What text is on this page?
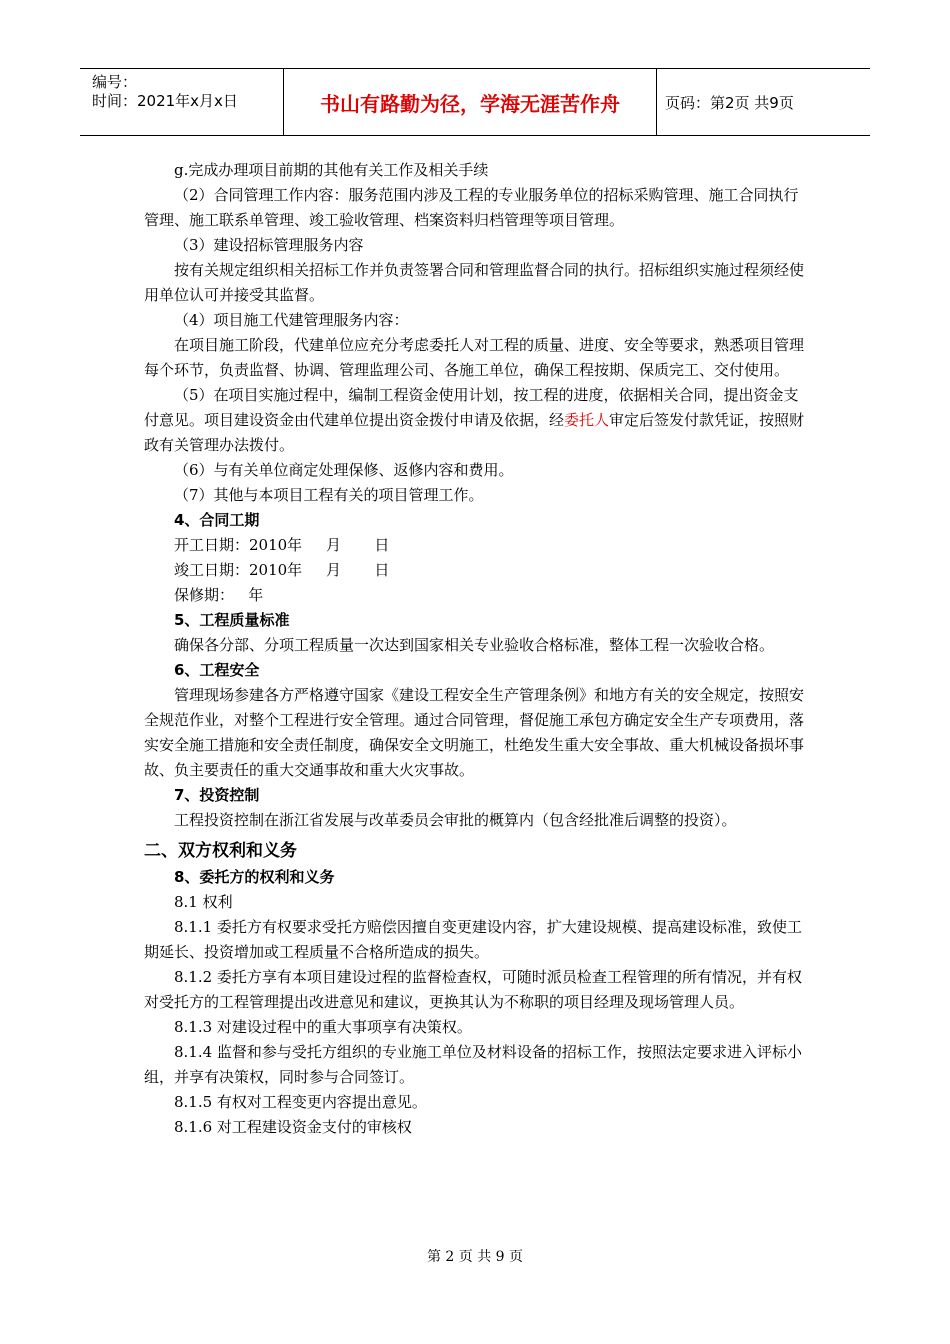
编号：
时间：2021年x月x日	书山有路勤为径，学海无涯苦作舟	页码：第2页 共9页

g.完成办理项目前期的其他有关工作及相关手续

（2）合同管理工作内容：服务范围内涉及工程的专业服务单位的招标采购管理、施工合同执行管理、施工联系单管理、竣工验收管理、档案资料归档管理等项目管理。

（3）建设招标管理服务内容

按有关规定组织相关招标工作并负责签署合同和管理监督合同的执行。招标组织实施过程须经使用单位认可并接受其监督。

（4）项目施工代建管理服务内容：

在项目施工阶段，代建单位应充分考虑委托人对工程的质量、进度、安全等要求，熟悉项目管理每个环节，负责监督、协调、管理监理公司、各施工单位，确保工程按期、保质完工、交付使用。

（5）在项目实施过程中，编制工程资金使用计划，按工程的进度，依据相关合同，提出资金支付意见。项目建设资金由代建单位提出资金拨付申请及依据，经委托人审定后签发付款凭证，按照财政有关管理办法拨付。

（6）与有关单位商定处理保修、返修内容和费用。

（7）其他与本项目工程有关的项目管理工作。

4、合同工期

开工日期：2010年     月       日

竣工日期：2010年     月       日

保修期：   年

5、工程质量标准

确保各分部、分项工程质量一次达到国家相关专业验收合格标准，整体工程一次验收合格。

6、工程安全

管理现场参建各方严格遵守国家《建设工程安全生产管理条例》和地方有关的安全规定，按照安全规范作业，对整个工程进行安全管理。通过合同管理，督促施工承包方确定安全生产专项费用，落实安全施工措施和安全责任制度，确保安全文明施工，杜绝发生重大安全事故、重大机械设备损坏事故、负主要责任的重大交通事故和重大火灾事故。

7、投资控制

工程投资控制在浙江省发展与改革委员会审批的概算内（包含经批准后调整的投资）。

二、双方权利和义务

8、委托方的权利和义务

8.1 权利

8.1.1 委托方有权要求受托方赔偿因擅自变更建设内容，扩大建设规模、提高建设标准，致使工期延长、投资增加或工程质量不合格所造成的损失。

8.1.2 委托方享有本项目建设过程的监督检查权，可随时派员检查工程管理的所有情况，并有权对受托方的工程管理提出改进意见和建议，更换其认为不称职的项目经理及现场管理人员。

8.1.3 对建设过程中的重大事项享有决策权。

8.1.4 监督和参与受托方组织的专业施工单位及材料设备的招标工作，按照法定要求进入评标小组，并享有决策权，同时参与合同签订。

8.1.5 有权对工程变更内容提出意见。

8.1.6 对工程建设资金支付的审核权

第 2 页 共 9 页
